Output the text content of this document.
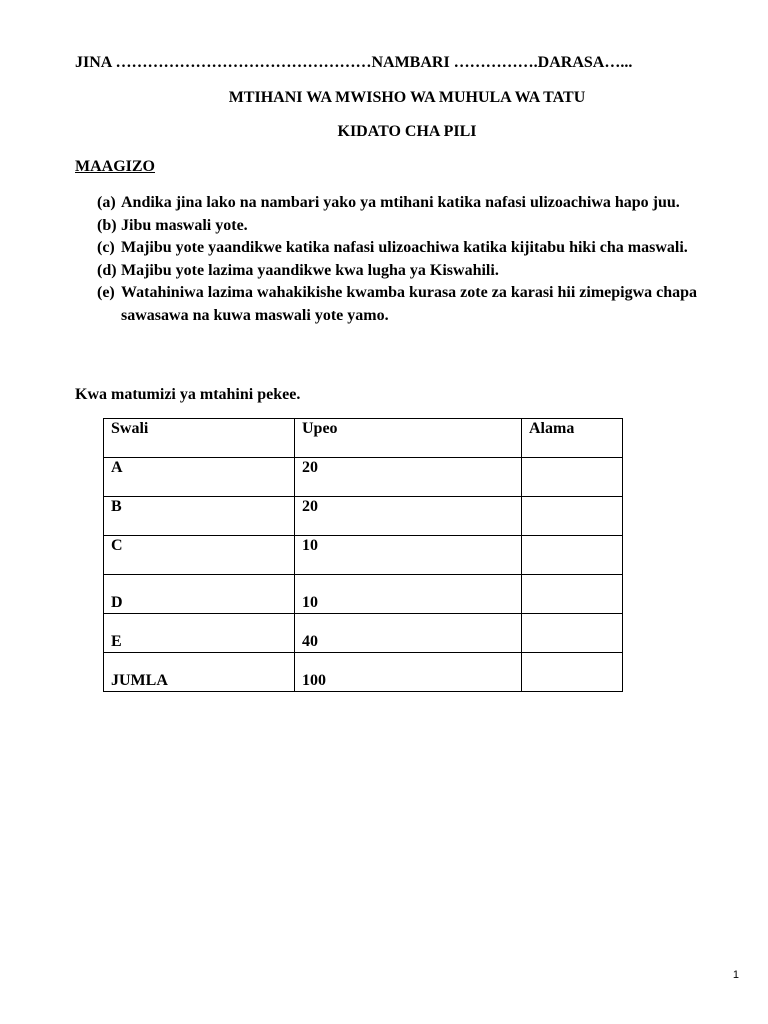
JINA …………………………………………NAMBARI …………….DARASA…...
MTIHANI WA MWISHO WA MUHULA WA TATU
KIDATO CHA PILI
MAAGIZO
(a) Andika jina lako na nambari yako ya mtihani katika nafasi ulizoachiwa hapo juu.
(b) Jibu maswali yote.
(c) Majibu yote yaandikwe katika nafasi ulizoachiwa katika kijitabu hiki cha maswali.
(d) Majibu yote lazima yaandikwe kwa lugha ya Kiswahili.
(e) Watahiniwa lazima wahakikishe kwamba kurasa zote za karasi hii zimepigwa chapa sawasawa na kuwa maswali yote yamo.
Kwa matumizi ya mtahini pekee.
Swali	Upeo	Alama
A	20	
B	20	
C	10	
D	10	
E	40	
JUMLA	100	
1
